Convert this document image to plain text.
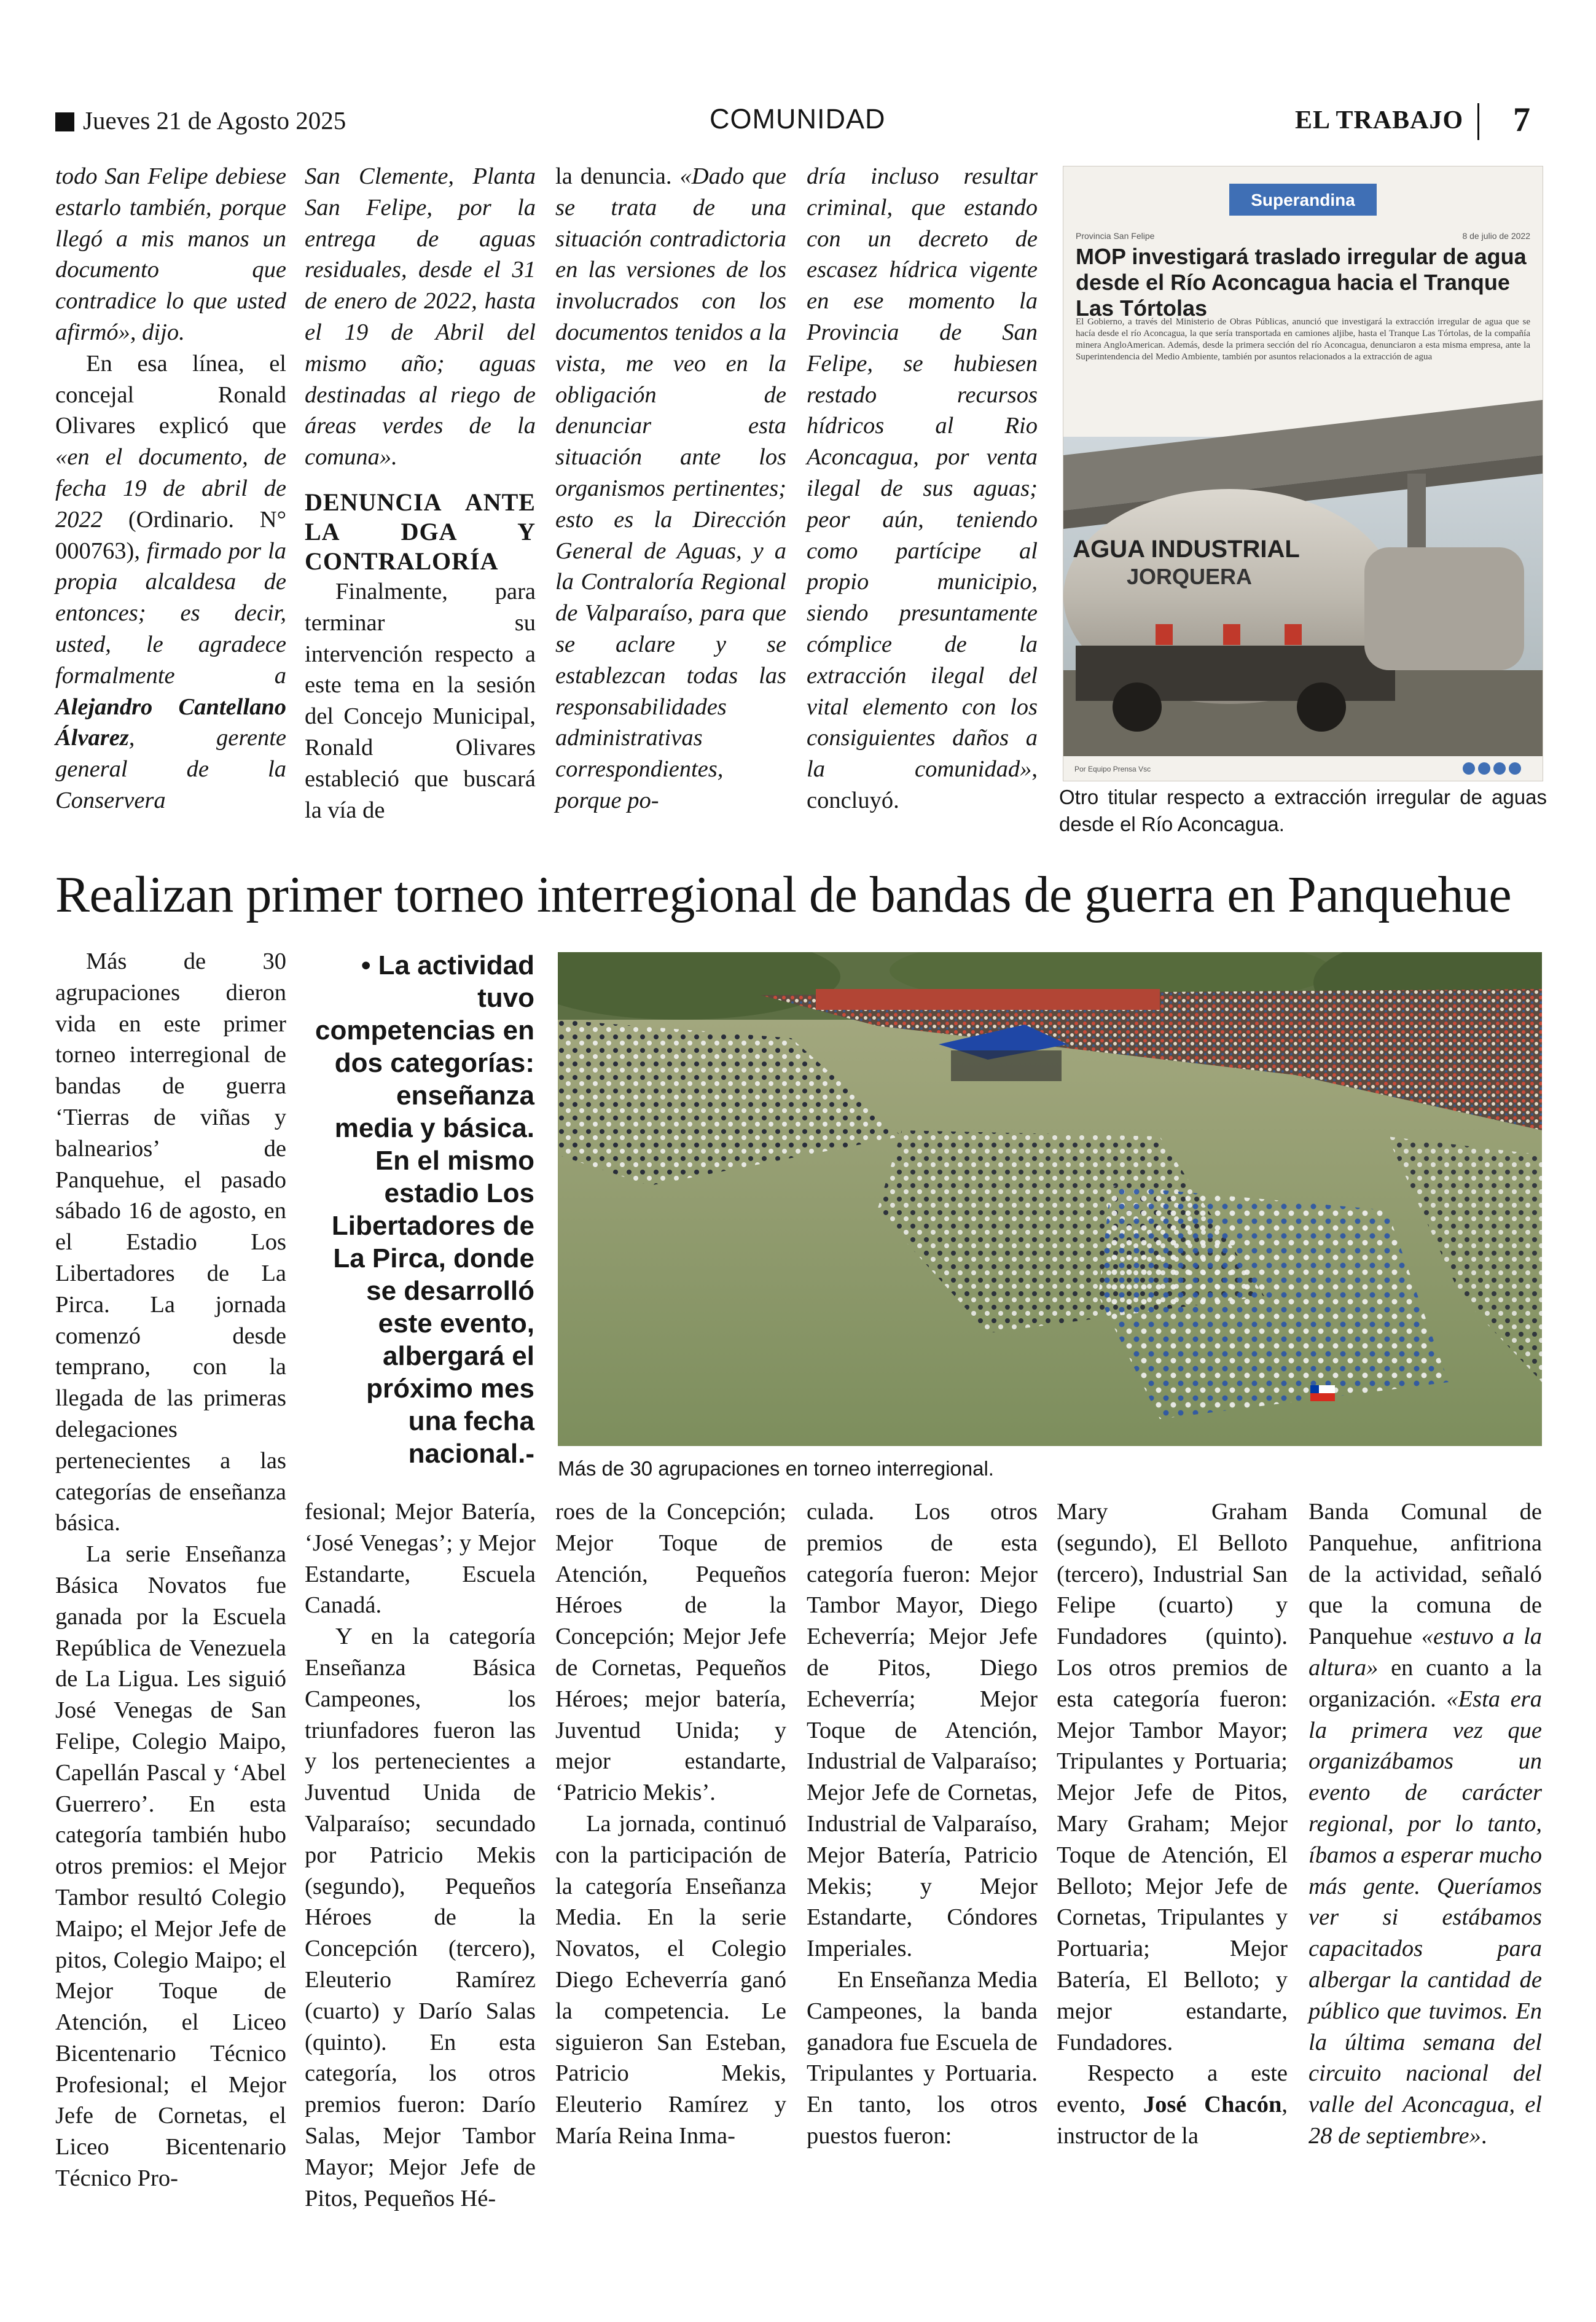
Jueves 21 de Agosto 2025	COMUNIDAD	EL TRABAJO 7

todo San Felipe debiese estarlo también, porque llegó a mis manos un documento que contradice lo que usted afirmó», dijo.

En esa línea, el concejal Ronald Olivares explicó que «en el documento, de fecha 19 de abril de 2022 (Ordinario. N° 000763), firmado por la propia alcaldesa de entonces; es decir, usted, le agradece formalmente a Alejandro Cantellano Álvarez, gerente general de la Conservera

San Clemente, Planta San Felipe, por la entrega de aguas residuales, desde el 31 de enero de 2022, hasta el 19 de Abril del mismo año; aguas destinadas al riego de áreas verdes de la comuna».

DENUNCIA ANTE LA DGA Y CONTRALORÍA

Finalmente, para terminar su intervención respecto a este tema en la sesión del Concejo Municipal, Ronald Olivares estableció que buscará la vía de

la denuncia. «Dado que se trata de una situación contradictoria en las versiones de los involucrados con los documentos tenidos a la vista, me veo en la obligación de denunciar esta situación ante los organismos pertinentes; esto es la Dirección General de Aguas, y a la Contraloría Regional de Valparaíso, para que se aclare y se establezcan todas las responsabilidades administrativas correspondientes, porque po-

dría incluso resultar criminal, que estando con un decreto de escasez hídrica vigente en ese momento la Provincia de San Felipe, se hubiesen restado recursos hídricos al Rio Aconcagua, por venta ilegal de sus aguas; peor aún, teniendo como partícipe al propio municipio, siendo presuntamente cómplice de la extracción ilegal del vital elemento con los consiguientes daños a la comunidad», concluyó.

Superandina
Provincia San Felipe	8 de julio de 2022
AGUA INDUSTRIAL
JORQUERA
Por Equipo Prensa Vsc
MOP investigará traslado irregular de agua desde el Río Aconcagua hacia el Tranque Las Tórtolas
El Gobierno, a través del Ministerio de Obras Públicas, anunció que investigará la extracción irregular de agua que se hacía desde el río Aconcagua, la que sería transportada en camiones aljibe, hasta el Tranque Las Tórtolas, de la compañía minera AngloAmerican. Además, desde la primera sección del río Aconcagua, denunciaron a esta misma empresa, ante la Superintendencia del Medio Ambiente, también por asuntos relacionados a la extracción de agua
Otro titular respecto a extracción irregular de aguas desde el Río Aconcagua.
Realizan primer torneo interregional de bandas de guerra en Panquehue

Más de 30 agrupaciones dieron vida en este primer torneo interregional de bandas de guerra ‘Tierras de viñas y balnearios’ de Panquehue, el pasado sábado 16 de agosto, en el Estadio Los Libertadores de La Pirca. La jornada comenzó desde temprano, con la llegada de las primeras delegaciones pertenecientes a las categorías de enseñanza básica.

La serie Enseñanza Básica Novatos fue ganada por la Escuela República de Venezuela de La Ligua. Les siguió José Venegas de San Felipe, Colegio Maipo, Capellán Pascal y ‘Abel Guerrero’. En esta categoría también hubo otros premios: el Mejor Tambor resultó Colegio Maipo; el Mejor Jefe de pitos, Colegio Maipo; el Mejor Toque de Atención, el Liceo Bicentenario Técnico Profesional; el Mejor Jefe de Cornetas, el Liceo Bicentenario Técnico Pro-

• La actividad tuvo competencias en dos categorías: enseñanza media y básica. En el mismo estadio Los Libertadores de La Pirca, donde se desarrolló este evento, albergará el próximo mes una fecha nacional.- Más de 30 agrupaciones en torneo interregional.

fesional; Mejor Batería, ‘José Venegas’; y Mejor Estandarte, Escuela Canadá.

Y en la categoría Enseñanza Básica Campeones, los triunfadores fueron las y los pertenecientes a Juventud Unida de Valparaíso; secundado por Patricio Mekis (segundo), Pequeños Héroes de la Concepción (tercero), Eleuterio Ramírez (cuarto) y Darío Salas (quinto). En esta categoría, los otros premios fueron: Darío Salas, Mejor Tambor Mayor; Mejor Jefe de Pitos, Pequeños Hé-

roes de la Concepción; Mejor Toque de Atención, Pequeños Héroes de la Concepción; Mejor Jefe de Cornetas, Pequeños Héroes; mejor batería, Juventud Unida; y mejor estandarte, ‘Patricio Mekis’.

La jornada, continuó con la participación de la categoría Enseñanza Media. En la serie Novatos, el Colegio Diego Echeverría ganó la competencia. Le siguieron San Esteban, Patricio Mekis, Eleuterio Ramírez y María Reina Inma-

culada. Los otros premios de esta categoría fueron: Mejor Tambor Mayor, Diego Echeverría; Mejor Jefe de Pitos, Diego Echeverría; Mejor Toque de Atención, Industrial de Valparaíso; Mejor Jefe de Cornetas, Industrial de Valparaíso, Mejor Batería, Patricio Mekis; y Mejor Estandarte, Cóndores Imperiales.

En Enseñanza Media Campeones, la banda ganadora fue Escuela de Tripulantes y Portuaria. En tanto, los otros puestos fueron:

Mary Graham (segundo), El Belloto (tercero), Industrial San Felipe (cuarto) y Fundadores (quinto). Los otros premios de esta categoría fueron: Mejor Tambor Mayor; Tripulantes y Portuaria; Mejor Jefe de Pitos, Mary Graham; Mejor Toque de Atención, El Belloto; Mejor Jefe de Cornetas, Tripulantes y Portuaria; Mejor Batería, El Belloto; y mejor estandarte, Fundadores.

Respecto a este evento, José Chacón, instructor de la

Banda Comunal de Panquehue, anfitriona de la actividad, señaló que la comuna de Panquehue «estuvo a la altura» en cuanto a la organización. «Esta era la primera vez que organizábamos un evento de carácter regional, por lo tanto, íbamos a esperar mucho más gente. Queríamos ver si estábamos capacitados para albergar la cantidad de público que tuvimos. En la última semana del circuito nacional del valle del Aconcagua, el 28 de septiembre».
